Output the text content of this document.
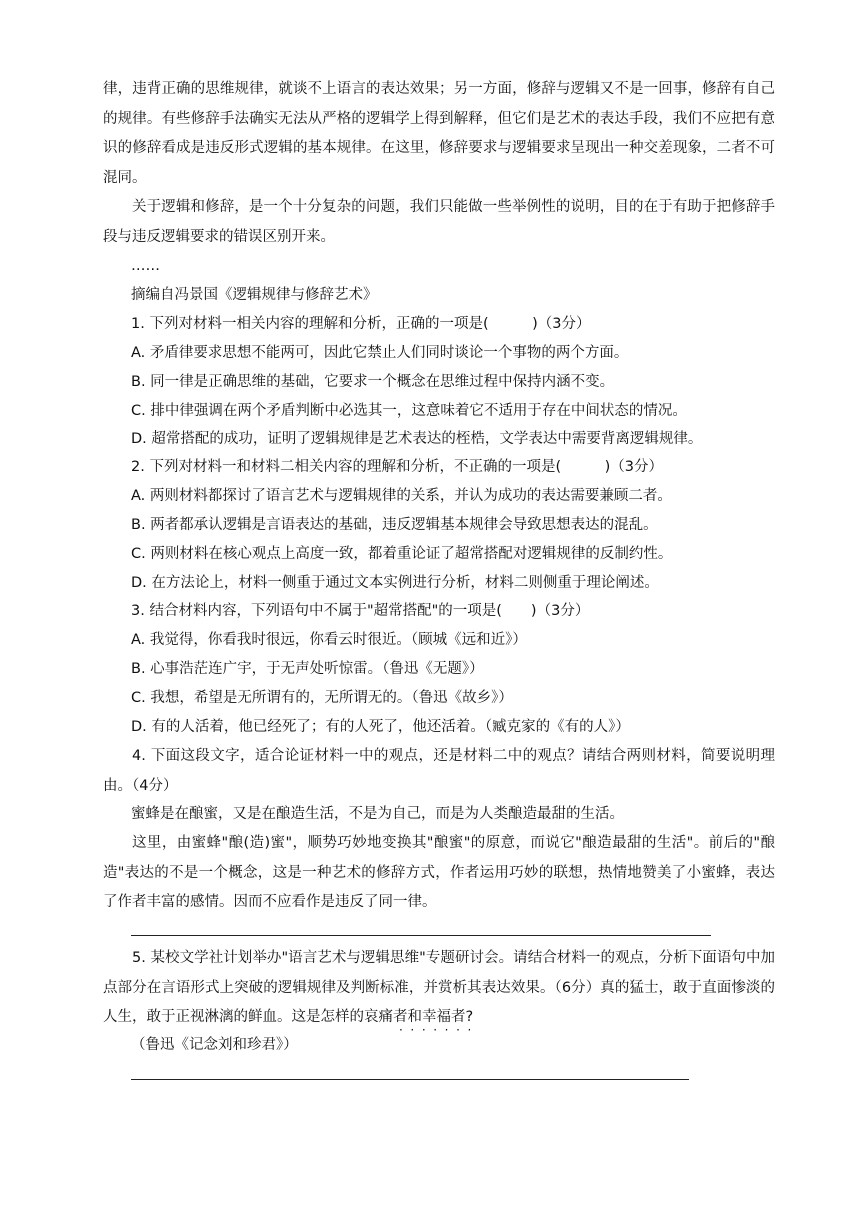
律，违背正确的思维规律，就谈不上语言的表达效果；另一方面，修辞与逻辑又不是一回事，修辞有自己的规律。有些修辞手法确实无法从严格的逻辑学上得到解释，但它们是艺术的表达手段，我们不应把有意识的修辞看成是违反形式逻辑的基本规律。在这里，修辞要求与逻辑要求呈现出一种交差现象，二者不可混同。

关于逻辑和修辞，是一个十分复杂的问题，我们只能做一些举例性的说明，目的在于有助于把修辞手段与违反逻辑要求的错误区别开来。

……

摘编自冯景国《逻辑规律与修辞艺术》

1. 下列对材料一相关内容的理解和分析，正确的一项是(　　　)（3分）

A. 矛盾律要求思想不能两可，因此它禁止人们同时谈论一个事物的两个方面。

B. 同一律是正确思维的基础，它要求一个概念在思维过程中保持内涵不变。

C. 排中律强调在两个矛盾判断中必选其一，这意味着它不适用于存在中间状态的情况。

D. 超常搭配的成功，证明了逻辑规律是艺术表达的桎梏，文学表达中需要背离逻辑规律。

2. 下列对材料一和材料二相关内容的理解和分析，不正确的一项是(　　　)（3分）

A. 两则材料都探讨了语言艺术与逻辑规律的关系，并认为成功的表达需要兼顾二者。

B. 两者都承认逻辑是言语表达的基础，违反逻辑基本规律会导致思想表达的混乱。

C. 两则材料在核心观点上高度一致，都着重论证了超常搭配对逻辑规律的反制约性。

D. 在方法论上，材料一侧重于通过文本实例进行分析，材料二则侧重于理论阐述。

3. 结合材料内容，下列语句中不属于"超常搭配"的一项是(　　)（3分）

A. 我觉得，你看我时很远，你看云时很近。（顾城《远和近》）

B. 心事浩茫连广宇，于无声处听惊雷。（鲁迅《无题》）

C. 我想，希望是无所谓有的，无所谓无的。（鲁迅《故乡》）

D. 有的人活着，他已经死了；有的人死了，他还活着。（臧克家的《有的人》）

4. 下面这段文字，适合论证材料一中的观点，还是材料二中的观点？请结合两则材料，简要说明理由。（4分）

蜜蜂是在酿蜜，又是在酿造生活，不是为自己，而是为人类酿造最甜的生活。

这里，由蜜蜂"酿(造)蜜"，顺势巧妙地变换其"酿蜜"的原意，而说它"酿造最甜的生活"。前后的"酿造"表达的不是一个概念，这是一种艺术的修辞方式，作者运用巧妙的联想，热情地赞美了小蜜蜂，表达了作者丰富的感情。因而不应看作是违反了同一律。

5. 某校文学社计划举办"语言艺术与逻辑思维"专题研讨会。请结合材料一的观点，分析下面语句中加点部分在言语形式上突破的逻辑规律及判断标准，并赏析其表达效果。（6分）真的猛士，敢于直面惨淡的人生，敢于正视淋漓的鲜血。这是怎样的哀痛者和幸福者?

·······

（鲁迅《记念刘和珍君》）
